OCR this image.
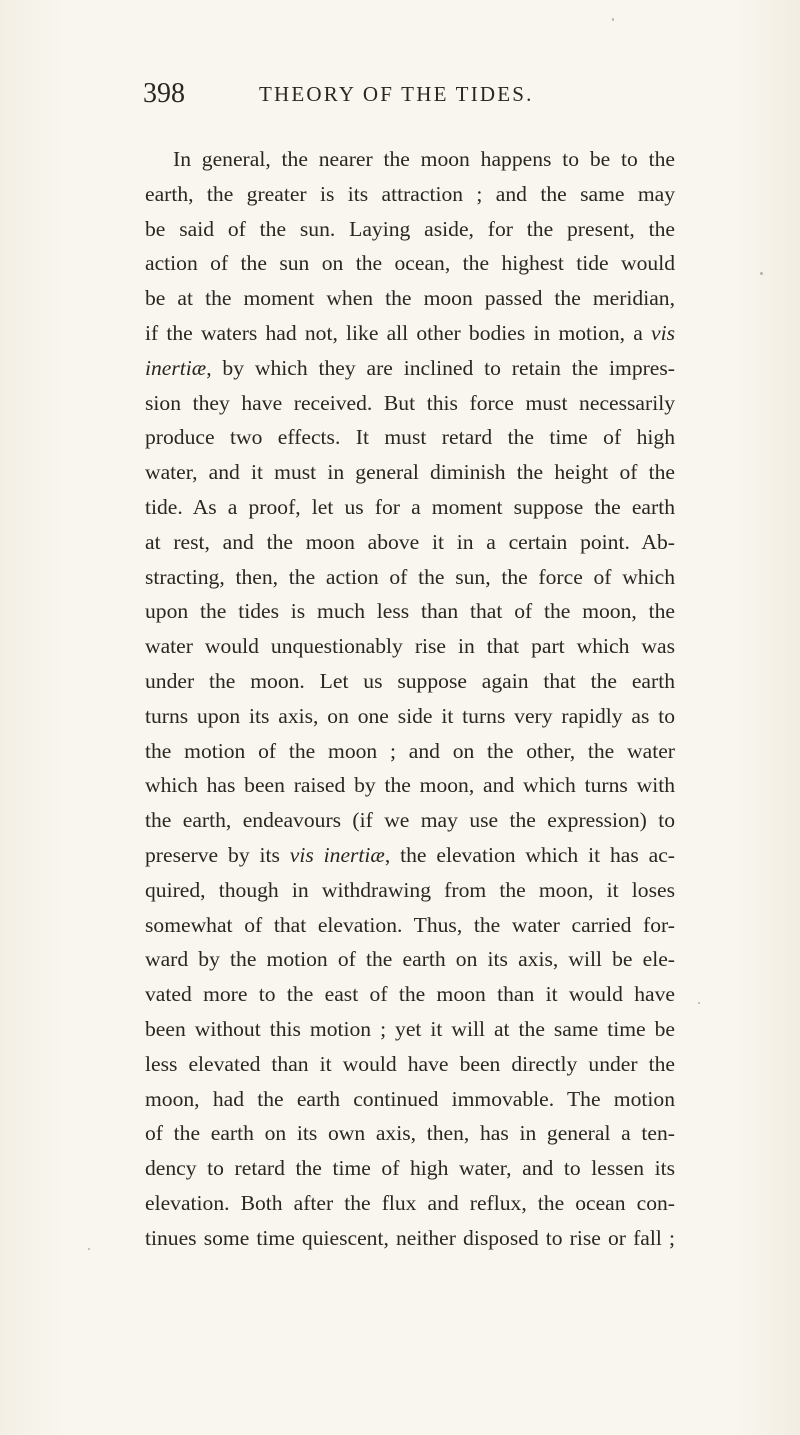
398	THEORY OF THE TIDES.
In general, the nearer the moon happens to be to the
earth, the greater is its attraction ; and the same may
be said of the sun. Laying aside, for the present, the
action of the sun on the ocean, the highest tide would
be at the moment when the moon passed the meridian,
if the waters had not, like all other bodies in motion, a vis
inertiæ, by which they are inclined to retain the impres-
sion they have received. But this force must necessarily
produce two effects. It must retard the time of high
water, and it must in general diminish the height of the
tide. As a proof, let us for a moment suppose the earth
at rest, and the moon above it in a certain point. Ab-
stracting, then, the action of the sun, the force of which
upon the tides is much less than that of the moon, the
water would unquestionably rise in that part which was
under the moon. Let us suppose again that the earth
turns upon its axis, on one side it turns very rapidly as to
the motion of the moon ; and on the other, the water
which has been raised by the moon, and which turns with
the earth, endeavours (if we may use the expression) to
preserve by its vis inertiæ, the elevation which it has ac-
quired, though in withdrawing from the moon, it loses
somewhat of that elevation. Thus, the water carried for-
ward by the motion of the earth on its axis, will be ele-
vated more to the east of the moon than it would have
been without this motion ; yet it will at the same time be
less elevated than it would have been directly under the
moon, had the earth continued immovable. The motion
of the earth on its own axis, then, has in general a ten-
dency to retard the time of high water, and to lessen its
elevation. Both after the flux and reflux, the ocean con-
tinues some time quiescent, neither disposed to rise or fall ;
